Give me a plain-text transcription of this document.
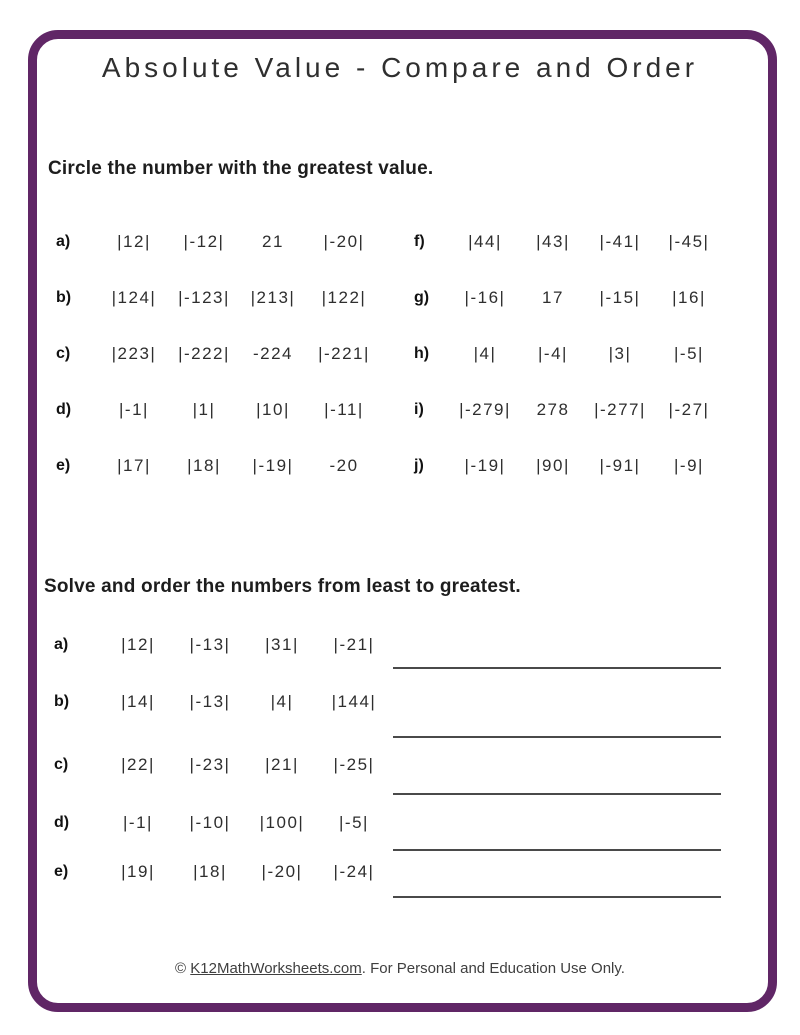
Absolute Value - Compare and Order
Circle the number with the greatest value.
a)	|12|	|-12|	21	|-20|
b)	|124|	|-123|	|213|	|122|
c)	|223|	|-222|	-224	|-221|
d)	|-1|	|1|	|10|	|-11|
e)	|17|	|18|	|-19|	-20
f)	|44|	|43|	|-41|	|-45|
g)	|-16|	17	|-15|	|16|
h)	|4|	|-4|	|3|	|-5|
i)	|-279|	278	|-277|	|-27|
j)	|-19|	|90|	|-91|	|-9|
Solve and order the numbers from least to greatest.
a)	|12|	|-13|	|31|	|-21|
b)	|14|	|-13|	|4|	|144|
c)	|22|	|-23|	|21|	|-25|
d)	|-1|	|-10|	|100|	|-5|
e)	|19|	|18|	|-20|	|-24|
© K12MathWorksheets.com. For Personal and Education Use Only.
